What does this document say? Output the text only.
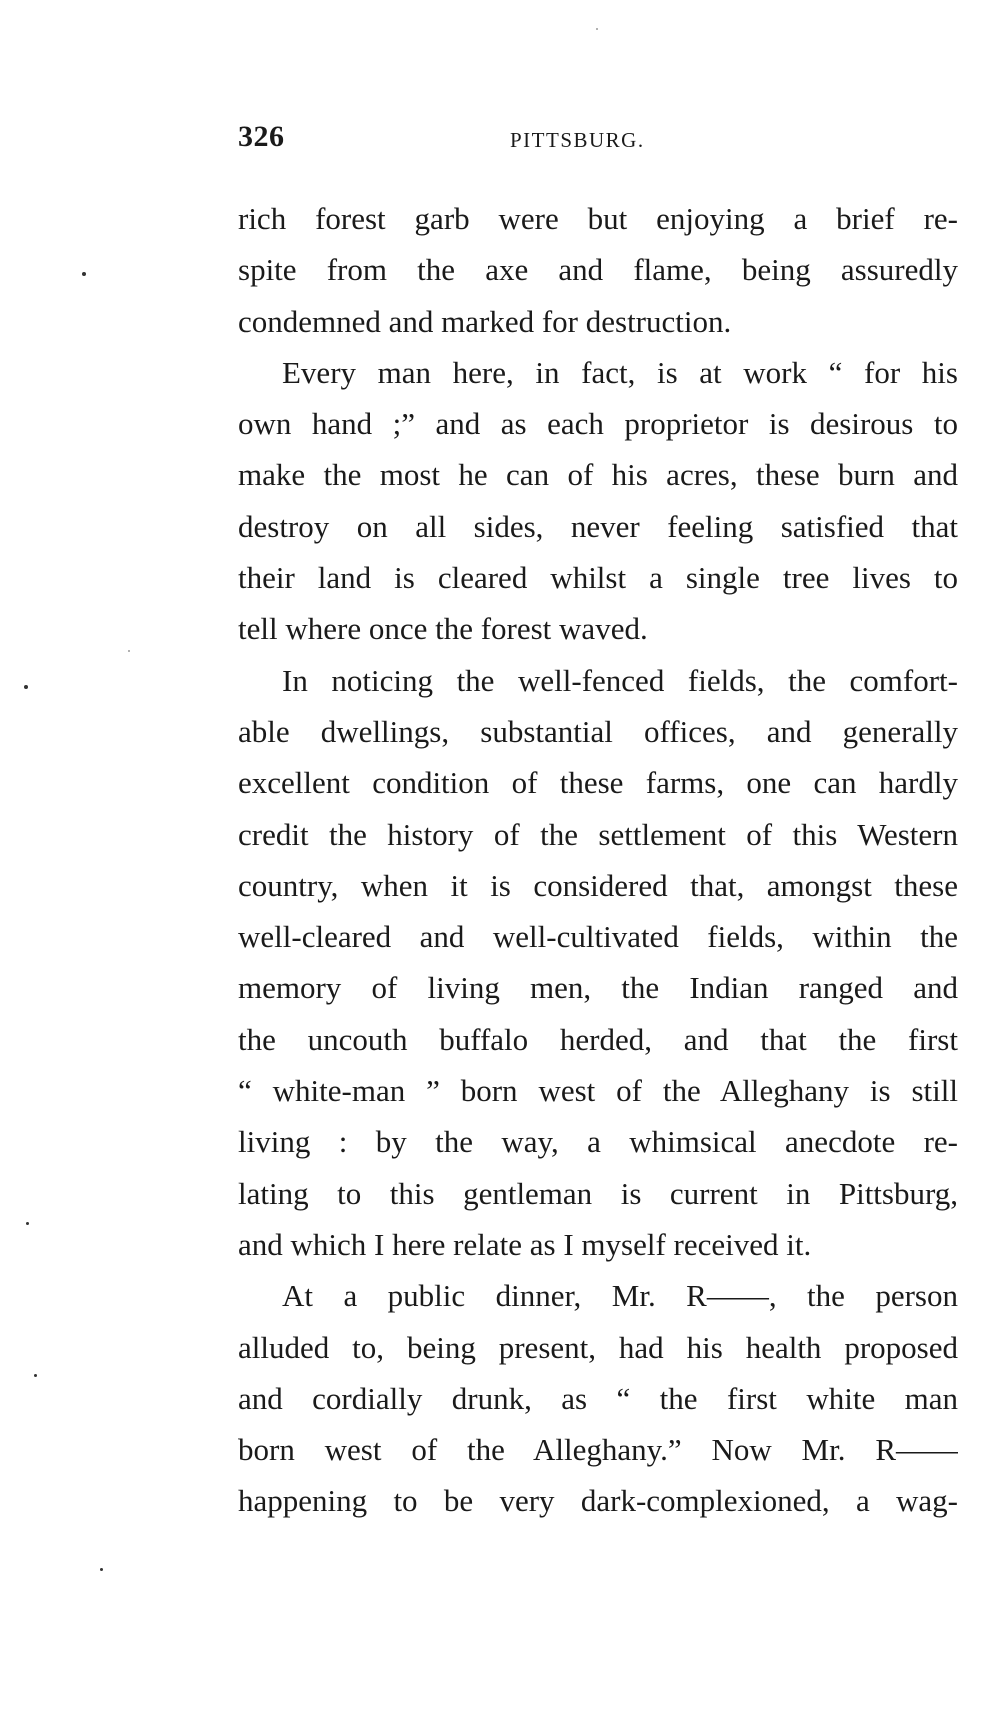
326	PITTSBURG.
rich forest garb were but enjoying a brief re-
spite from the axe and flame, being assuredly
condemned and marked for destruction.
Every man here, in fact, is at work “ for his
own hand ;” and as each proprietor is desirous to
make the most he can of his acres, these burn and
destroy on all sides, never feeling satisfied that
their land is cleared whilst a single tree lives to
tell where once the forest waved.
In noticing the well-fenced fields, the comfort-
able dwellings, substantial offices, and generally
excellent condition of these farms, one can hardly
credit the history of the settlement of this Western
country, when it is considered that, amongst these
well-cleared and well-cultivated fields, within the
memory of living men, the Indian ranged and
the uncouth buffalo herded, and that the first
“ white-man ” born west of the Alleghany is still
living : by the way, a whimsical anecdote re-
lating to this gentleman is current in Pittsburg,
and which I here relate as I myself received it.
At a public dinner, Mr. R——, the person
alluded to, being present, had his health proposed
and cordially drunk, as “ the first white man
born west of the Alleghany.” Now Mr. R——
happening to be very dark-complexioned, a wag-
